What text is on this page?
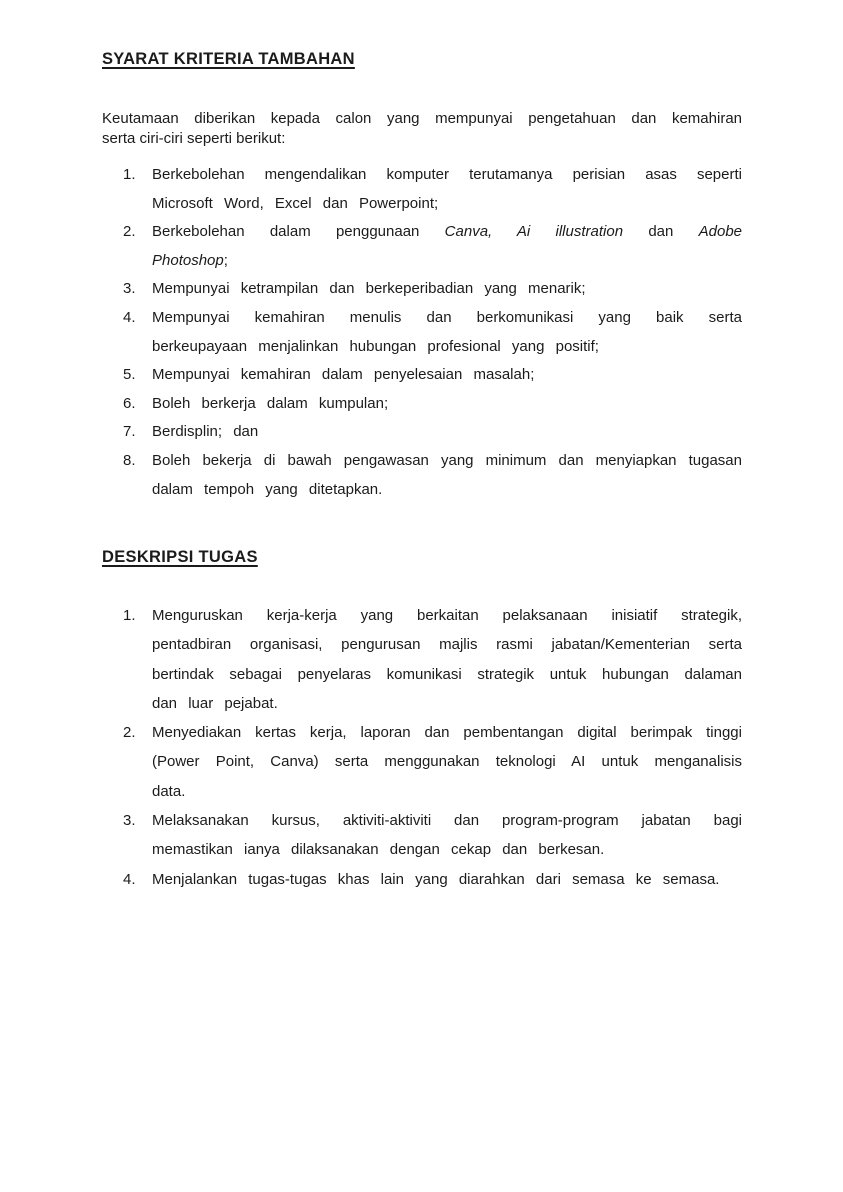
SYARAT KRITERIA TAMBAHAN
Keutamaan diberikan kepada calon yang mempunyai pengetahuan dan kemahiran
serta ciri-ciri seperti berikut:
1.	Berkebolehan mengendalikan komputer terutamanya perisian asas seperti
Microsoft Word, Excel dan Powerpoint;
2.	Berkebolehan dalam penggunaan Canva, Ai illustration dan Adobe
Photoshop;
3.	Mempunyai ketrampilan dan berkeperibadian yang menarik;
4.	Mempunyai kemahiran menulis dan berkomunikasi yang baik serta
berkeupayaan menjalinkan hubungan profesional yang positif;
5.	Mempunyai kemahiran dalam penyelesaian masalah;
6.	Boleh berkerja dalam kumpulan;
7.	Berdisplin; dan
8.	Boleh bekerja di bawah pengawasan yang minimum dan menyiapkan tugasan
dalam tempoh yang ditetapkan.
DESKRIPSI TUGAS
1.	Menguruskan kerja-kerja yang berkaitan pelaksanaan inisiatif strategik,
pentadbiran organisasi, pengurusan majlis rasmi jabatan/Kementerian serta
bertindak sebagai penyelaras komunikasi strategik untuk hubungan dalaman
dan luar pejabat.
2.	Menyediakan kertas kerja, laporan dan pembentangan digital berimpak tinggi
(Power Point, Canva) serta menggunakan teknologi AI untuk menganalisis
data.
3.	Melaksanakan kursus, aktiviti-aktiviti dan program-program jabatan bagi
memastikan ianya dilaksanakan dengan cekap dan berkesan.
4.	Menjalankan tugas-tugas khas lain yang diarahkan dari semasa ke semasa.
